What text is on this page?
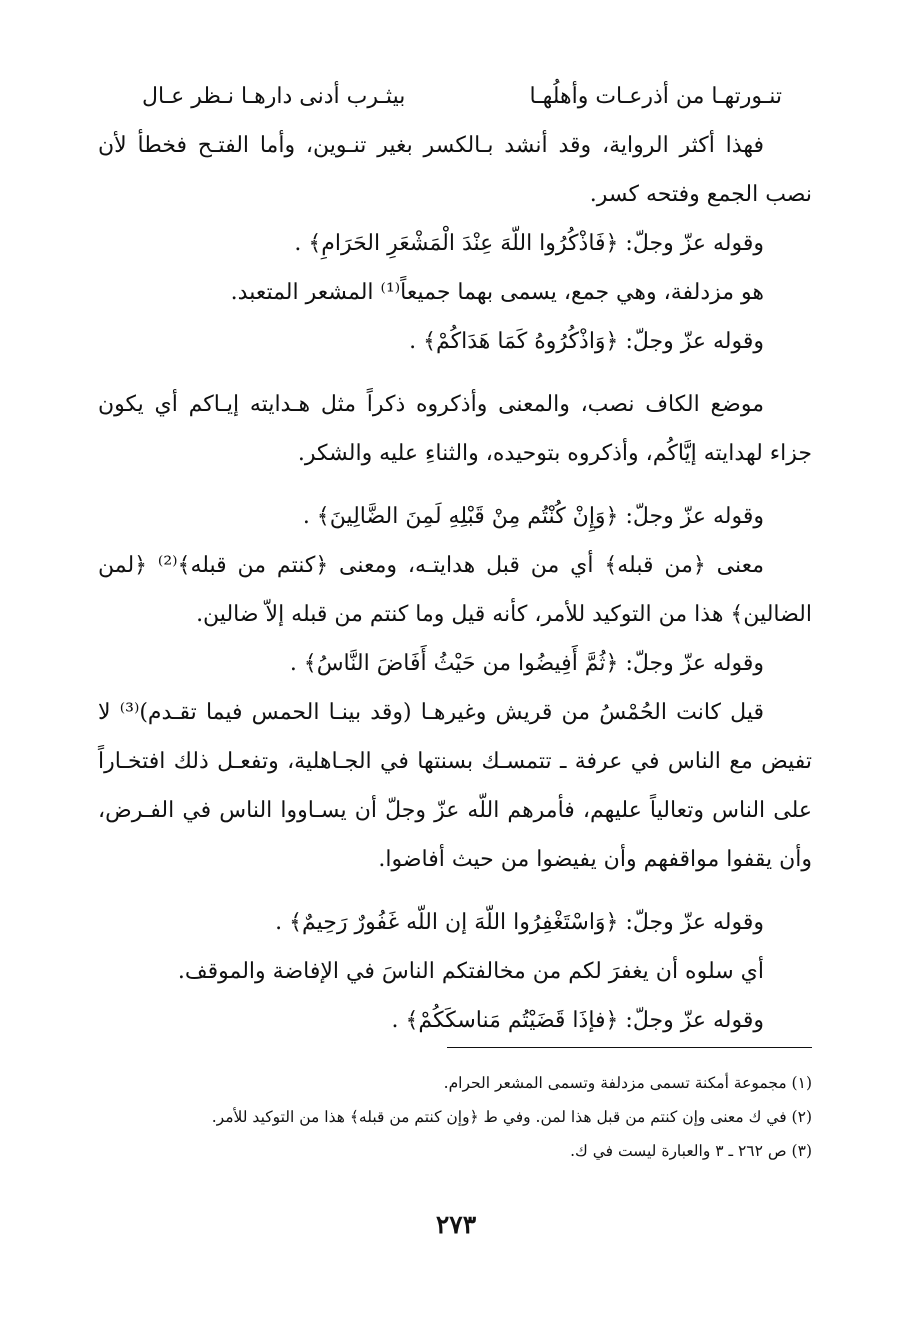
تنـورتهـا من أذرعـات وأهلُهـا
بيثـرب أدنى دارهـا نـظر عـال

فهذا أكثر الرواية، وقد أنشد بـالكسر بغير تنـوين، وأما الفتـح فخطأ لأن نصب الجمع وفتحه كسر.

وقوله عزّ وجلّ: ﴿فَاذْكُرُوا اللّهَ عِنْدَ الْمَشْعَرِ الحَرَامِ﴾ .

هو مزدلفة، وهي جمع، يسمى بهما جميعاً⁽¹⁾ المشعر المتعبد.

وقوله عزّ وجلّ: ﴿وَاذْكُرُوهُ كَمَا هَدَاكُمْ﴾ .

موضع الكاف نصب، والمعنى وأذكروه ذكراً مثل هـدايته إيـاكم أي يكون جزاء لهدايته إيَّاكُم، وأذكروه بتوحيده، والثناءِ عليه والشكر.

وقوله عزّ وجلّ: ﴿وَإِنْ كُنْتُم مِنْ قَبْلِهِ لَمِنَ الضَّالِينَ﴾ .

معنى ﴿من قبله﴾ أي من قبل هدايتـه، ومعنى ﴿كنتم من قبله﴾⁽²⁾ ﴿لمن الضالين﴾ هذا من التوكيد للأمر، كأنه قيل وما كنتم من قبله إلاّ ضالين.

وقوله عزّ وجلّ: ﴿ثُمَّ أَفِيضُوا من حَيْثُ أَفَاضَ النَّاسُ﴾ .

قيل كانت الحُمْسُ من قريش وغيرهـا (وقد بينـا الحمس فيما تقـدم)⁽³⁾ لا تفيض مع الناس في عرفة ـ تتمسـك بسنتها في الجـاهلية، وتفعـل ذلك افتخـاراً على الناس وتعالياً عليهم، فأمرهم اللّه عزّ وجلّ أن يسـاووا الناس في الفـرض، وأن يقفوا مواقفهم وأن يفيضوا من حيث أفاضوا.

وقوله عزّ وجلّ: ﴿وَاسْتَغْفِرُوا اللّهَ إن اللّه غَفُورٌ رَحِيمٌ﴾ .

أي سلوه أن يغفرَ لكم من مخالفتكم الناسَ في الإفاضة والموقف.

وقوله عزّ وجلّ: ﴿فإذَا قَضَيْتُم مَناسكَكُمْ﴾ .

(١) مجموعة أمكنة تسمى مزدلفة وتسمى المشعر الحرام.

(٢) في ك معنى وإن كنتم من قبل هذا لمن. وفي ط ﴿وإن كنتم من قبله﴾ هذا من التوكيد للأمر.

(٣) ص ٢٦٢ ـ ٣ والعبارة ليست في ك.

٢٧٣
